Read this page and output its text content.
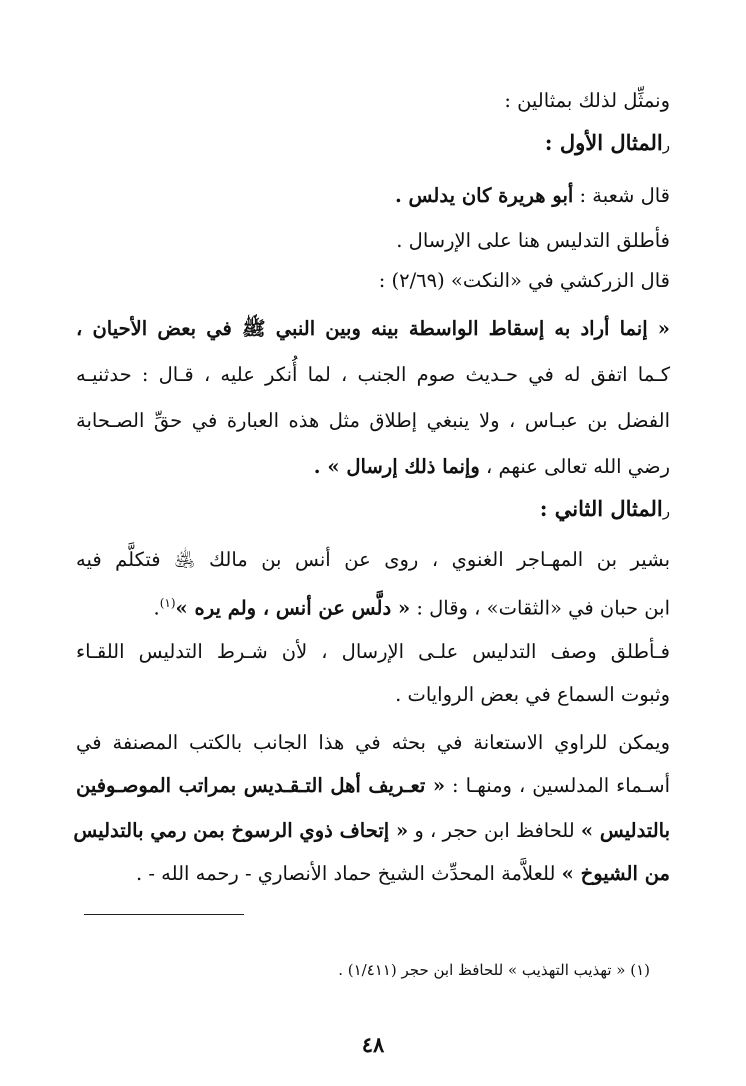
ونمثِّل لذلك بمثالين :
رالمثال الأول :
قال شعبة : أبو هريرة كان يدلس .
فأطلق التدليس هنا على الإرسال .
قال الزركشي في «النكت» (٢/٦٩) :
« إنما أراد به إسقاط الواسطة بينه وبين النبي ﷺ في بعض الأحيان ،
كـما اتفق له في حـديث صوم الجنب ، لما أُنكر عليه ، قـال : حدثنيـه
الفضل بن عبـاس ، ولا ينبغي إطلاق مثل هذه العبارة في حقِّ الصـحابة
رضي الله تعالى عنهم ، وإنما ذلك إرسال » .
رالمثال الثاني :
بشير بن المهـاجر الغنوي ، روى عن أنس بن مالك ﵁ فتكلَّم فيه
ابن حبان في «الثقات» ، وقال : « دلَّس عن أنس ، ولم يره »$^{(١)}$.
فـأطلق وصف التدليس علـى الإرسال ، لأن شـرط التدليس اللقـاء
وثبوت السماع في بعض الروايات .
ويمكن للراوي الاستعانة في بحثه في هذا الجانب بالكتب المصنفة في
أسـماء المدلسين ، ومنهـا : « تعـريف أهل التـقـديس بمراتب الموصـوفين
بالتدليس » للحافظ ابن حجر ، و « إتحاف ذوي الرسوخ بمن رمي بالتدليس
من الشيوخ » للعلاَّمة المحدِّث الشيخ حماد الأنصاري - رحمه الله - .
(١) « تهذيب التهذيب » للحافظ ابن حجر (١/٤١١) .
٤٨
